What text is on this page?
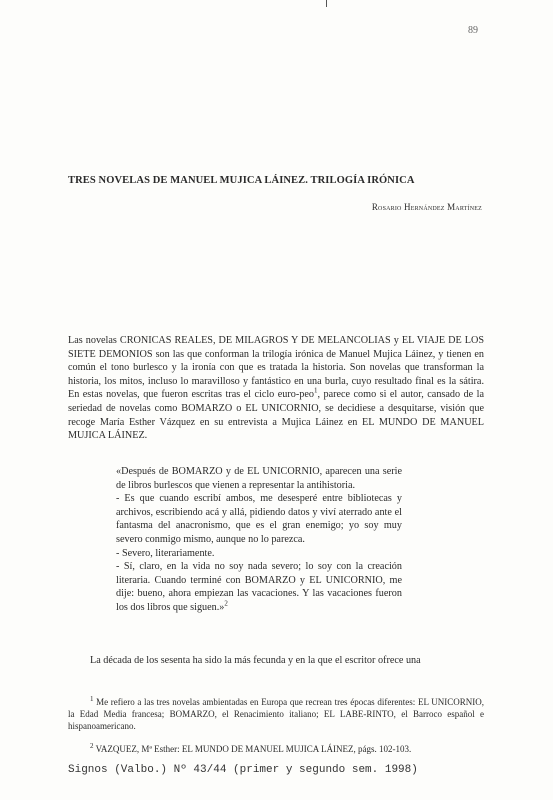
89
TRES NOVELAS DE MANUEL MUJICA LÁINEZ. TRILOGÍA IRÓNICA
Rosario Hernández Martínez

Las novelas CRONICAS REALES, DE MILAGROS Y DE MELANCOLIAS y EL VIAJE DE LOS SIETE DEMONIOS son las que conforman la trilogía irónica de Manuel Mujica Láinez, y tienen en común el tono burlesco y la ironía con que es tratada la historia. Son novelas que transforman la historia, los mitos, incluso lo maravilloso y fantástico en una burla, cuyo resultado final es la sátira. En estas novelas, que fueron escritas tras el ciclo euro-peo$^1$, parece como si el autor, cansado de la seriedad de novelas como BOMARZO o EL UNICORNIO, se decidiese a desquitarse, visión que recoge María Esther Vázquez en su entrevista a Mujica Láinez en EL MUNDO DE MANUEL MUJICA LÁINEZ.

«Después de BOMARZO y de EL UNICORNIO, aparecen una serie de libros burlescos que vienen a representar la antihistoria.

- Es que cuando escribí ambos, me desesperé entre bibliotecas y archivos, escribiendo acá y allá, pidiendo datos y viví aterrado ante el fantasma del anacronismo, que es el gran enemigo; yo soy muy severo conmigo mismo, aunque no lo parezca.

- Severo, literariamente.

- Sí, claro, en la vida no soy nada severo; lo soy con la creación literaria. Cuando terminé con BOMARZO y EL UNICORNIO, me dije: bueno, ahora empiezan las vacaciones. Y las vacaciones fueron los dos libros que siguen.»$^2$

La década de los sesenta ha sido la más fecunda y en la que el escritor ofrece una
$^1$ Me refiero a las tres novelas ambientadas en Europa que recrean tres épocas diferentes: EL UNICORNIO, la Edad Media francesa; BOMARZO, el Renacimiento italiano; EL LABE-RINTO, el Barroco español e hispanoamericano.
$^2$ VAZQUEZ, Mª Esther: EL MUNDO DE MANUEL MUJICA LÁINEZ, págs. 102-103.
Signos (Valbo.) Nº 43/44 (primer y segundo sem. 1998)
